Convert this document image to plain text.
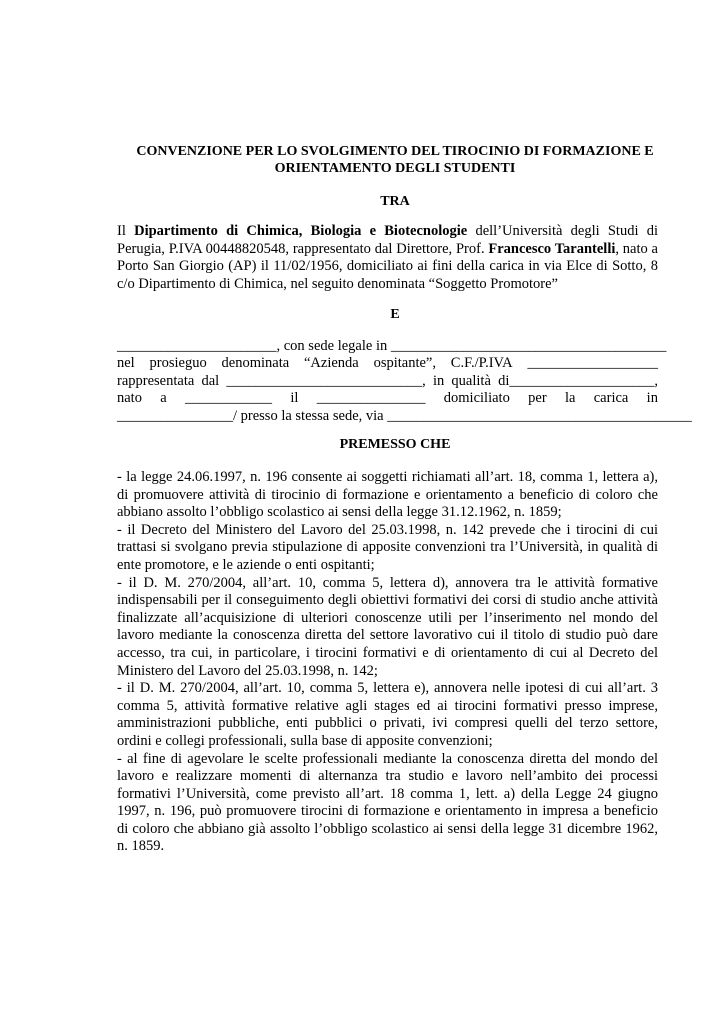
CONVENZIONE PER LO SVOLGIMENTO DEL TIROCINIO DI FORMAZIONE E
ORIENTAMENTO DEGLI STUDENTI
TRA

Il Dipartimento di Chimica, Biologia e Biotecnologie dell’Università degli Studi di Perugia, P.IVA 00448820548, rappresentato dal Direttore, Prof. Francesco Tarantelli, nato a Porto San Giorgio (AP) il 11/02/1956, domiciliato ai fini della carica in via Elce di Sotto, 8 c/o Dipartimento di Chimica, nel seguito denominata “Soggetto Promotore”

E
______________________, con sede legale in ______________________________________
nel prosieguo denominata “Azienda ospitante”, C.F./P.IVA __________________
rappresentata dal ___________________________, in qualità di____________________,
nato a ____________ il _______________ domiciliato per la carica in
________________/ presso la stessa sede, via __________________________________________
PREMESSO CHE

- la legge 24.06.1997, n. 196 consente ai soggetti richiamati all’art. 18, comma 1, lettera a), di promuovere attività di tirocinio di formazione e orientamento a beneficio di coloro che abbiano assolto l’obbligo scolastico ai sensi della legge 31.12.1962, n. 1859;

- il Decreto del Ministero del Lavoro del 25.03.1998, n. 142 prevede che i tirocini di cui trattasi si svolgano previa stipulazione di apposite convenzioni tra l’Università, in qualità di ente promotore, e le aziende o enti ospitanti;

- il D. M. 270/2004, all’art. 10, comma 5, lettera d), annovera tra le attività formative indispensabili per il conseguimento degli obiettivi formativi dei corsi di studio anche attività finalizzate all’acquisizione di ulteriori conoscenze utili per l’inserimento nel mondo del lavoro mediante la conoscenza diretta del settore lavorativo cui il titolo di studio può dare accesso, tra cui, in particolare, i tirocini formativi e di orientamento di cui al Decreto del Ministero del Lavoro del 25.03.1998, n. 142;

- il D. M. 270/2004, all’art. 10, comma 5, lettera e), annovera nelle ipotesi di cui all’art. 3 comma 5, attività formative relative agli stages ed ai tirocini formativi presso imprese, amministrazioni pubbliche, enti pubblici o privati, ivi compresi quelli del terzo settore, ordini e collegi professionali, sulla base di apposite convenzioni;

- al fine di agevolare le scelte professionali mediante la conoscenza diretta del mondo del lavoro e realizzare momenti di alternanza tra studio e lavoro nell’ambito dei processi formativi l’Università, come previsto all’art. 18 comma 1, lett. a) della Legge 24 giugno 1997, n. 196, può promuovere tirocini di formazione e orientamento in impresa a beneficio di coloro che abbiano già assolto l’obbligo scolastico ai sensi della legge 31 dicembre 1962, n. 1859.
